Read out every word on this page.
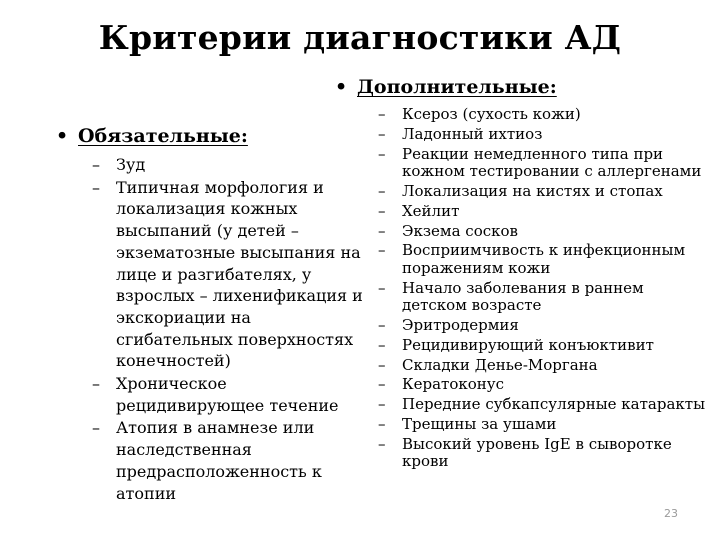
Критерии диагностики АД
• Дополнительные:
• Обязательные:
– Зуд
– Типичная морфология и локализация кожных высыпаний (у детей – экзематозные высыпания на лице и разгибателях, у взрослых – лихенификация и экскориации на сгибательных поверхностях конечностей)
– Хроническое рецидивирующее течение
– Атопия в анамнезе или наследственная предрасположенность к атопии
– Ксероз (сухость кожи)
– Ладонный ихтиоз
– Реакции немедленного типа при кожном тестировании с аллергенами
– Локализация на кистях и стопах
– Хейлит
– Экзема сосков
– Восприимчивость к инфекционным поражениям кожи
– Начало заболевания в раннем детском возрасте
– Эритродермия
– Рецидивирующий конъюктивит
– Складки Денье-Моргана
– Кератоконус
– Передние субкапсулярные катаракты
– Трещины за ушами
– Высокий уровень IgE в сыворотке крови
23
